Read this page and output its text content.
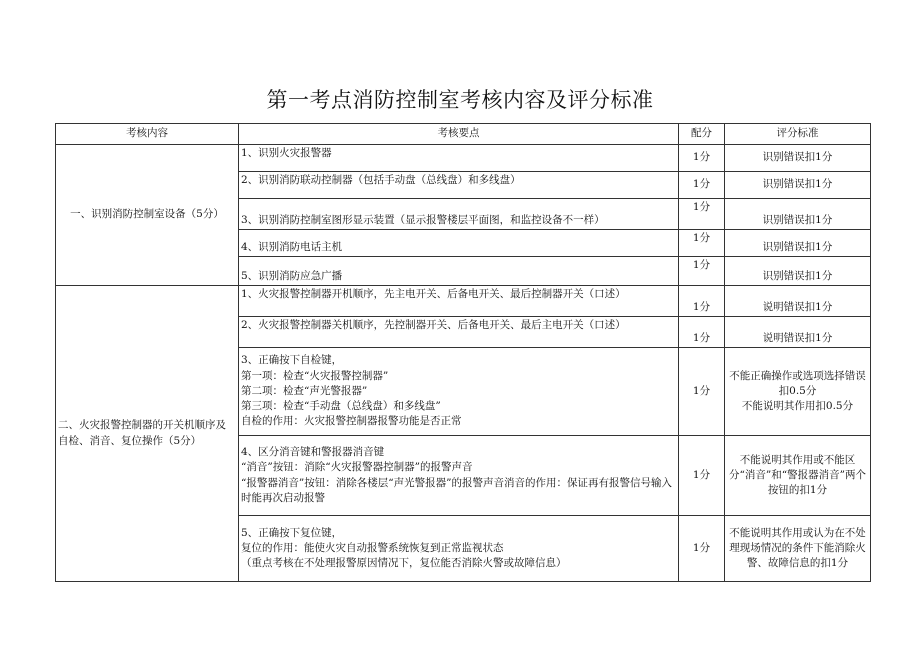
第一考点消防控制室考核内容及评分标准
考核内容	考核要点	配分	评分标准
一、识别消防控制室设备（5分）	1、识别火灾报警器	1分	识别错误扣1分
	2、识别消防联动控制器（包括手动盘（总线盘）和多线盘）	1分	识别错误扣1分
	3、识别消防控制室图形显示装置（显示报警楼层平面图，和监控设备不一样）	1分	识别错误扣1分
	4、识别消防电话主机	1分	识别错误扣1分
	5、识别消防应急广播	1分	识别错误扣1分
二、火灾报警控制器的开关机顺序及自检、消音、复位操作（5分）	1、火灾报警控制器开机顺序，先主电开关、后备电开关、最后控制器开关（口述）	1分	说明错误扣1分
	2、火灾报警控制器关机顺序，先控制器开关、后备电开关、最后主电开关（口述）	1分	说明错误扣1分
	3、正确按下自检键，
第一项：检查“火灾报警控制器”
第二项：检查“声光警报器”
第三项：检查“手动盘（总线盘）和多线盘”
自检的作用：火灾报警控制器报警功能是否正常	1分	不能正确操作或选项选择错误扣0.5分
不能说明其作用扣0.5分
	4、区分消音键和警报器消音键
“消音”按钮：消除“火灾报警器控制器”的报警声音
“报警器消音”按钮：消除各楼层“声光警报器”的报警声音消音的作用：保证再有报警信号输入时能再次启动报警	1分	不能说明其作用或不能区分“消音”和“警报器消音”两个按钮的扣1分
	5、正确按下复位键，
复位的作用：能使火灾自动报警系统恢复到正常监视状态
（重点考核在不处理报警原因情况下，复位能否消除火警或故障信息）	1分	不能说明其作用或认为在不处理现场情况的条件下能消除火警、故障信息的扣1分
